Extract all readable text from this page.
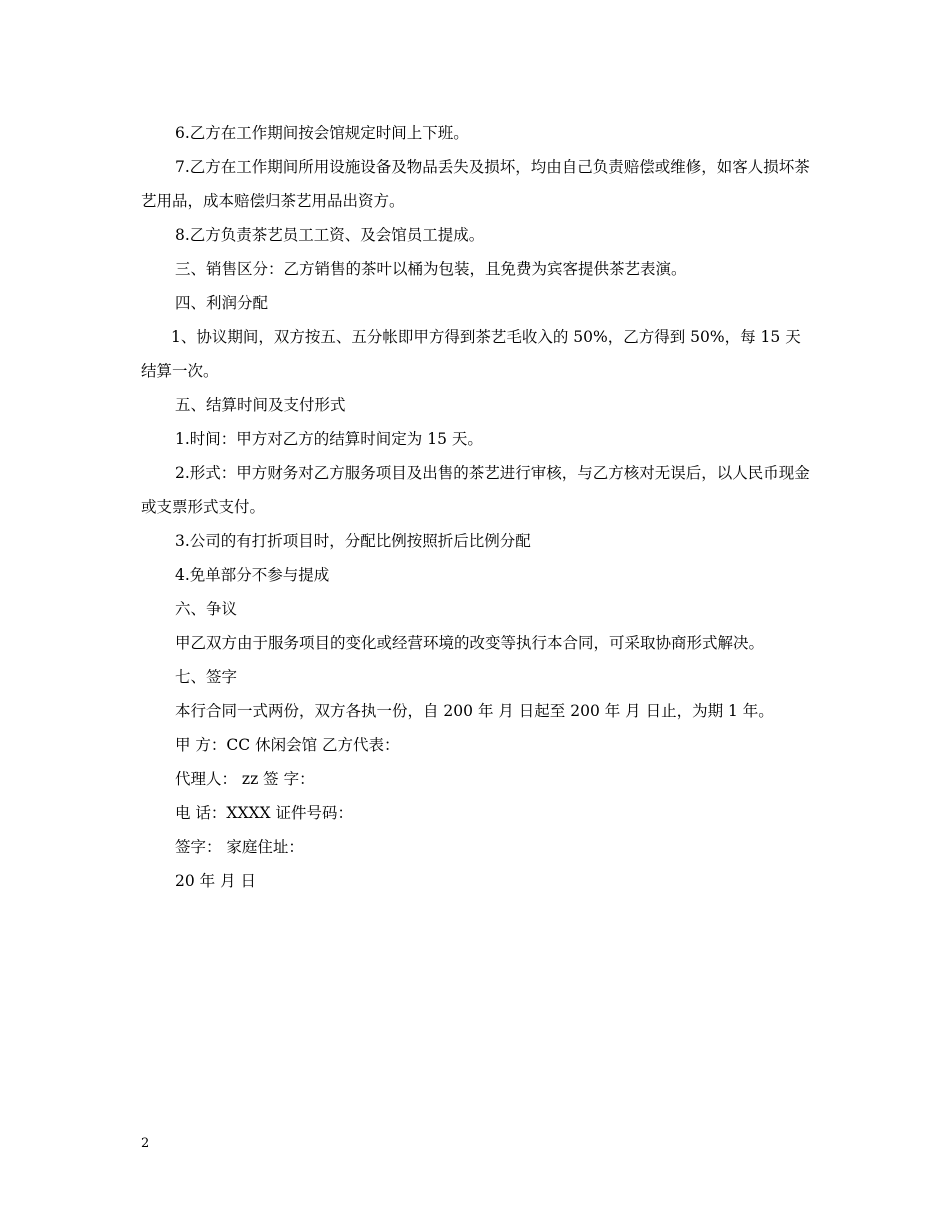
6.乙方在工作期间按会馆规定时间上下班。

7.乙方在工作期间所用设施设备及物品丢失及损坏，均由自己负责赔偿或维修，如客人损坏茶艺用品，成本赔偿归茶艺用品出资方。

8.乙方负责茶艺员工工资、及会馆员工提成。

三、销售区分：乙方销售的茶叶以桶为包装，且免费为宾客提供茶艺表演。

四、利润分配

1、协议期间，双方按五、五分帐即甲方得到茶艺毛收入的 50%，乙方得到 50%，每 15 天结算一次。

五、结算时间及支付形式

1.时间：甲方对乙方的结算时间定为 15 天。

2.形式：甲方财务对乙方服务项目及出售的茶艺进行审核，与乙方核对无误后，以人民币现金或支票形式支付。

3.公司的有打折项目时，分配比例按照折后比例分配

4.免单部分不参与提成

六、争议

甲乙双方由于服务项目的变化或经营环境的改变等执行本合同，可采取协商形式解决。

七、签字

本行合同一式两份，双方各执一份，自 200 年 月 日起至 200 年 月 日止，为期 1 年。

甲 方：CC 休闲会馆 乙方代表：

代理人： zz 签 字：

电 话：XXXX 证件号码：

签字： 家庭住址：

20 年 月 日

2
